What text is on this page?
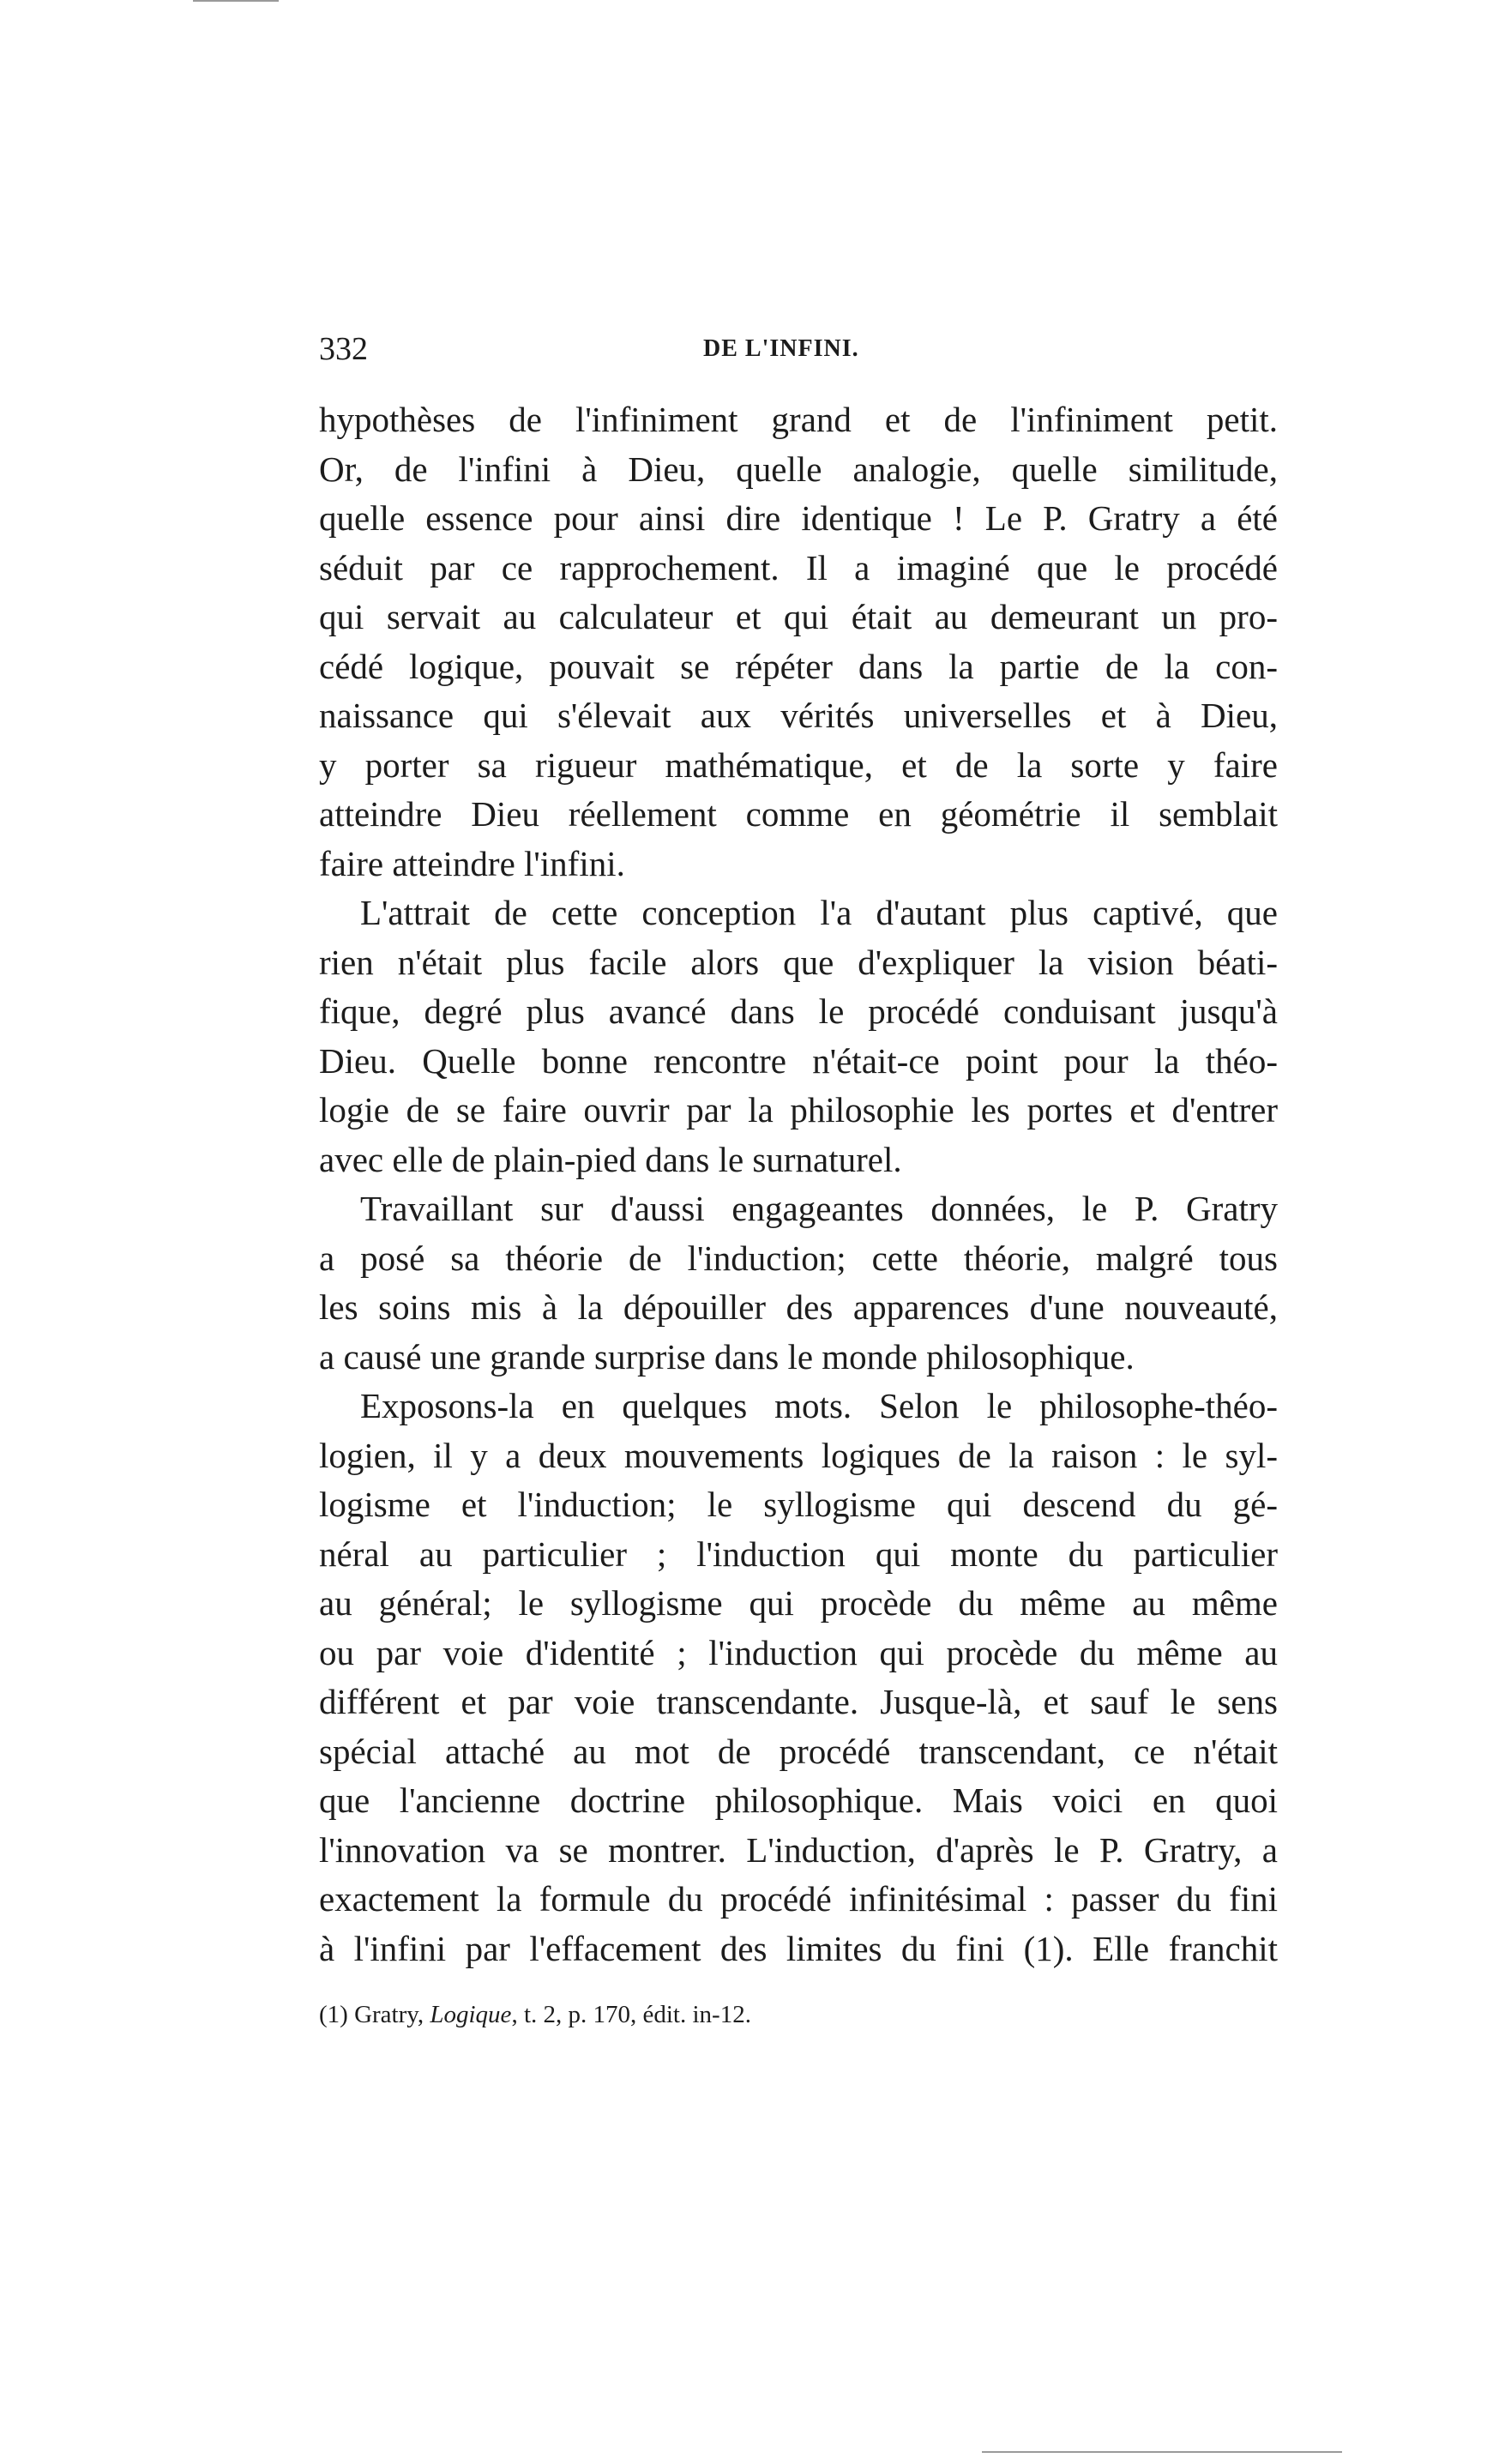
332	DE L'INFINI.
hypothèses de l'infiniment grand et de l'infiniment petit.
Or, de l'infini à Dieu, quelle analogie, quelle similitude,
quelle essence pour ainsi dire identique ! Le P. Gratry a été
séduit par ce rapprochement. Il a imaginé que le procédé
qui servait au calculateur et qui était au demeurant un pro-
cédé logique, pouvait se répéter dans la partie de la con-
naissance qui s'élevait aux vérités universelles et à Dieu,
y porter sa rigueur mathématique, et de la sorte y faire
atteindre Dieu réellement comme en géométrie il semblait
faire atteindre l'infini.
L'attrait de cette conception l'a d'autant plus captivé, que
rien n'était plus facile alors que d'expliquer la vision béati-
fique, degré plus avancé dans le procédé conduisant jusqu'à
Dieu. Quelle bonne rencontre n'était-ce point pour la théo-
logie de se faire ouvrir par la philosophie les portes et d'entrer
avec elle de plain-pied dans le surnaturel.
Travaillant sur d'aussi engageantes données, le P. Gratry
a posé sa théorie de l'induction; cette théorie, malgré tous
les soins mis à la dépouiller des apparences d'une nouveauté,
a causé une grande surprise dans le monde philosophique.
Exposons-la en quelques mots. Selon le philosophe-théo-
logien, il y a deux mouvements logiques de la raison : le syl-
logisme et l'induction; le syllogisme qui descend du gé-
néral au particulier ; l'induction qui monte du particulier
au général; le syllogisme qui procède du même au même
ou par voie d'identité ; l'induction qui procède du même au
différent et par voie transcendante. Jusque-là, et sauf le sens
spécial attaché au mot de procédé transcendant, ce n'était
que l'ancienne doctrine philosophique. Mais voici en quoi
l'innovation va se montrer. L'induction, d'après le P. Gratry, a
exactement la formule du procédé infinitésimal : passer du fini
à l'infini par l'effacement des limites du fini (1). Elle franchit
(1) Gratry, Logique, t. 2, p. 170, édit. in-12.
